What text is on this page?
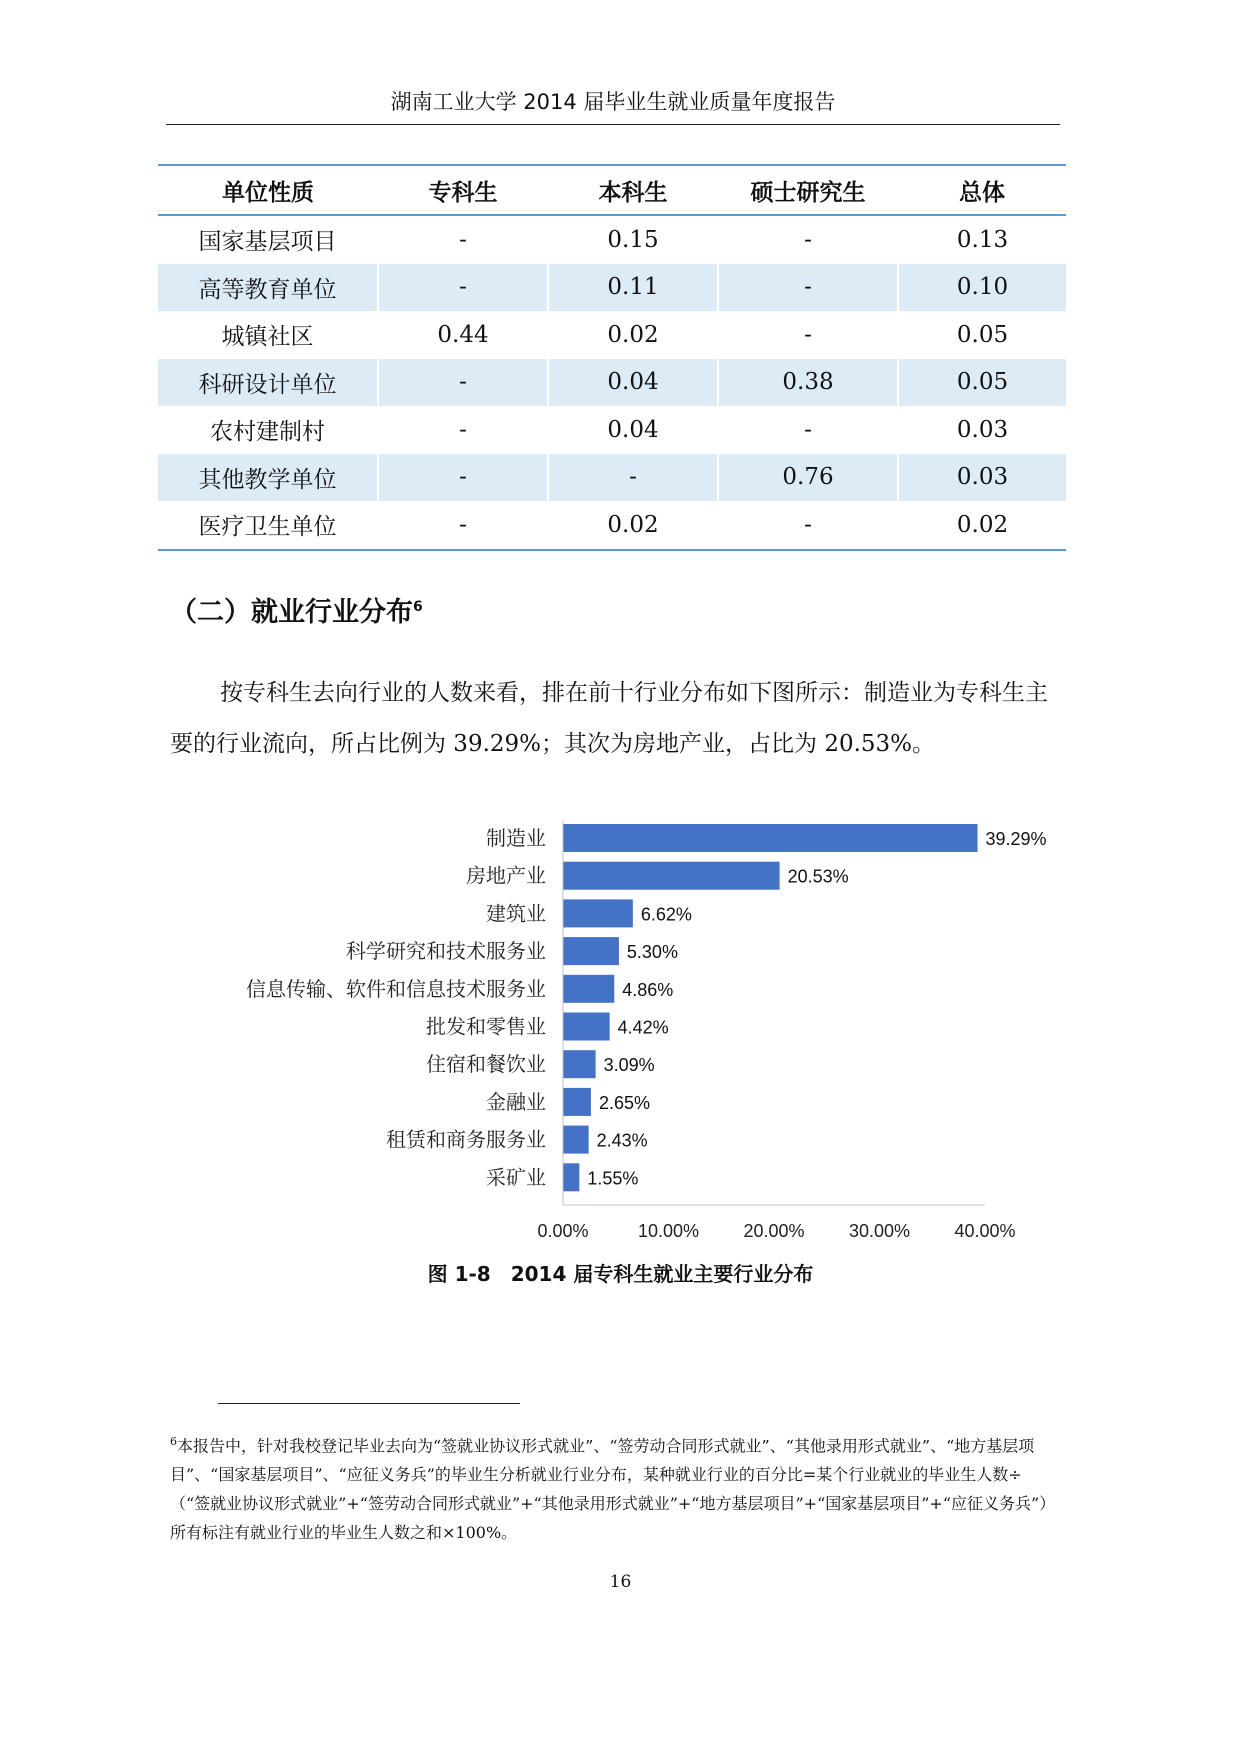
湖南工业大学 2014 届毕业生就业质量年度报告
单位性质	专科生	本科生	硕士研究生	总体
国家基层项目	-	0.15	-	0.13
高等教育单位	-	0.11	-	0.10
城镇社区	0.44	0.02	-	0.05
科研设计单位	-	0.04	0.38	0.05
农村建制村	-	0.04	-	0.03
其他教学单位	-	-	0.76	0.03
医疗卫生单位	-	0.02	-	0.02
（二）就业行业分布$^6$
按专科生去向行业的人数来看，排在前十行业分布如下图所示：制造业为专科生主要的行业流向，所占比例为 39.29%；其次为房地产业，占比为 20.53%。
制造业	39.29%
房地产业	20.53%
建筑业	6.62%
科学研究和技术服务业	5.30%
信息传输、软件和信息技术服务业	4.86%
批发和零售业	4.42%
住宿和餐饮业	3.09%
金融业	2.65%
租赁和商务服务业	2.43%
采矿业 1.55%
0.00%	10.00% 20.00% 30.00% 40.00%
图 1-8　2014 届专科生就业主要行业分布
$^6$本报告中，针对我校登记毕业去向为“签就业协议形式就业”、“签劳动合同形式就业”、“其他录用形式就业”、“地方基层项目”、“国家基层项目”、“应征义务兵”的毕业生分析就业行业分布，某种就业行业的百分比=某个行业就业的毕业生人数÷（“签就业协议形式就业”+“签劳动合同形式就业”+“其他录用形式就业”+“地方基层项目”+“国家基层项目”+“应征义务兵”）所有标注有就业行业的毕业生人数之和×100%。
16
